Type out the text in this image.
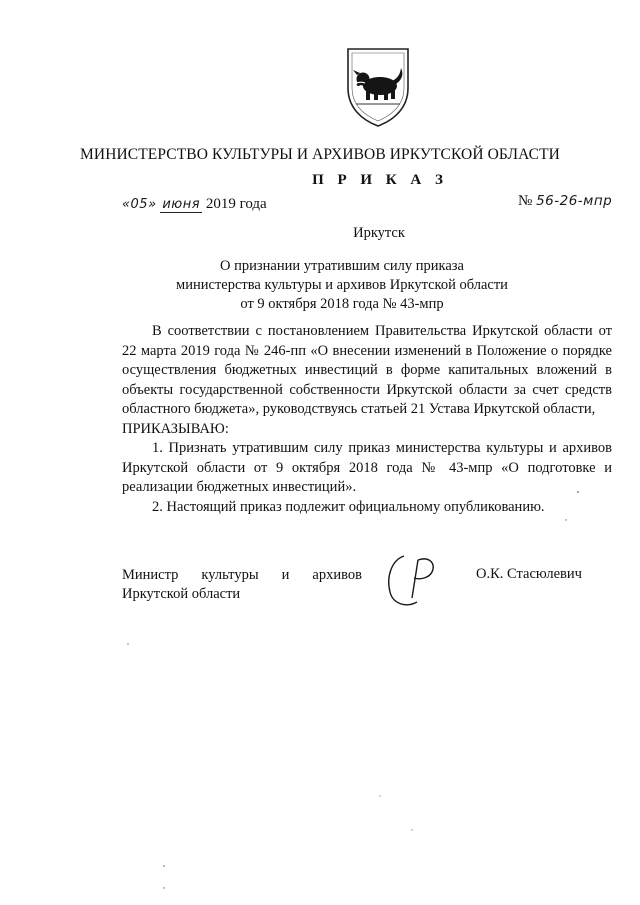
МИНИСТЕРСТВО КУЛЬТУРЫ И АРХИВОВ ИРКУТСКОЙ ОБЛАСТИ
П Р И К А З
«05» июня 2019 года	№ 56-26-мпр
Иркутск
О признании утратившим силу приказа
министерства культуры и архивов Иркутской области
от 9 октября 2018 года № 43-мпр

В соответствии с постановлением Правительства Иркутской области от 22 марта 2019 года № 246-пп «О внесении изменений в Положение о порядке осуществления бюджетных инвестиций в форме капитальных вложений в объекты государственной собственности Иркутской области за счет средств областного бюджета», руководствуясь статьей 21 Устава Иркутской области,

ПРИКАЗЫВАЮ:

1. Признать утратившим силу приказ министерства культуры и архивов Иркутской области от 9 октября 2018 года № 43-мпр «О подготовке и реализации бюджетных инвестиций».

2. Настоящий приказ подлежит официальному опубликованию.

Министр культуры и архивов
Иркутской области
О.К. Стасюлевич
